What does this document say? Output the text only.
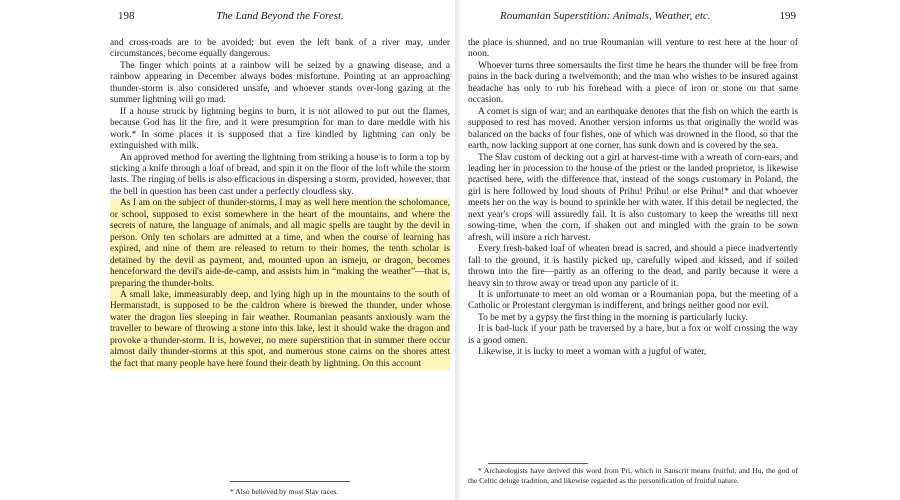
198	The Land Beyond the Forest.

and cross-roads are to be avoided; but even the left bank of a river may, under circumstances, become equally dangerous.

The finger which points at a rainbow will be seized by a gnawing disease, and a rainbow appearing in December always bodes misfortune. Pointing at an approaching thunder-storm is also considered unsafe, and whoever stands over-long gazing at the summer lightning will go mad.

If a house struck by lightning begins to burn, it is not allowed to put out the flames, because God has lit the fire, and it were presumption for man to dare meddle with his work.* In some places it is supposed that a fire kindled by lightning can only be extinguished with milk.

An approved method for averting the lightning from striking a house is to form a top by sticking a knife through a loaf of bread, and spin it on the floor of the loft while the storm lasts. The ringing of bells is also efficacious in dispersing a storm, provided, however, that the bell in question has been cast under a perfectly cloudless sky.

As I am on the subject of thunder-storms, I may as well here mention the scholomance, or school, supposed to exist somewhere in the heart of the mountains, and where the secrets of nature, the language of animals, and all magic spells are taught by the devil in person. Only ten scholars are admitted at a time, and when the course of learning has expired, and nine of them are released to return to their homes, the tenth scholar is detained by the devil as payment, and, mounted upon an ismeju, or dragon, becomes henceforward the devil's aide-de-camp, and assists him in “making the weather”—that is, preparing the thunder-bolts.

A small lake, immeasurably deep, and lying high up in the mountains to the south of Hermanstadt, is supposed to be the caldron where is brewed the thunder, under whose water the dragon lies sleeping in fair weather. Roumanian peasants anxiously warn the traveller to beware of throwing a stone into this lake, lest it should wake the dragon and provoke a thunder-storm. It is, however, no mere superstition that in summer there occur almost daily thunder-storms at this spot, and numerous stone cairns on the shores attest the fact that many people have here found their death by lightning. On this account

* Also believed by most Slav races.
Roumanian Superstition: Animals, Weather, etc.	199

the place is shunned, and no true Roumanian will venture to rest here at the hour of noon.

Whoever turns three somersaults the first time he hears the thunder will be free from pains in the back during a twelvemonth; and the man who wishes to be insured against headache has only to rub his forehead with a piece of iron or stone on that same occasion.

A comet is sign of war; and an earthquake denotes that the fish on which the earth is supposed to rest has moved. Another version informs us that originally the world was balanced on the backs of four fishes, one of which was drowned in the flood, so that the earth, now lacking support at one corner, has sunk down and is covered by the sea.

The Slav custom of decking out a girl at harvest-time with a wreath of corn-ears, and leading her in procession to the house of the priest or the landed proprietor, is likewise practised here, with the difference that, instead of the songs customary in Poland, the girl is here followed by loud shouts of Prihu! Prihu! or else Prihu!* and that whoever meets her on the way is bound to sprinkle her with water. If this detail be neglected, the next year's crops will assuredly fail. It is also customary to keep the wreaths till next sowing-time, when the corn, if shaken out and mingled with the grain to be sown afresh, will insure a rich harvest.

Every fresh-baked loaf of wheaten bread is sacred, and should a piece inadvertently fall to the ground, it is hastily picked up, carefully wiped and kissed, and if soiled thrown into the fire—partly as an offering to the dead, and partly because it were a heavy sin to throw away or tread upon any particle of it.

It is unfortunate to meet an old woman or a Roumanian popa, but the meeting of a Catholic or Protestant clergyman is indifferent, and brings neither good nor evil.

To be met by a gypsy the first thing in the morning is particularly lucky.

It is bad-luck if your path be traversed by a hare, but a fox or wolf crossing the way is a good omen.

Likewise, it is lucky to meet a woman with a jugful of water,

* Archæologists have derived this word from Pri, which in Sanscrit means fruitful, and Hu, the god of the Celtic deluge tradition, and likewise regarded as the personification of fruitful nature.
